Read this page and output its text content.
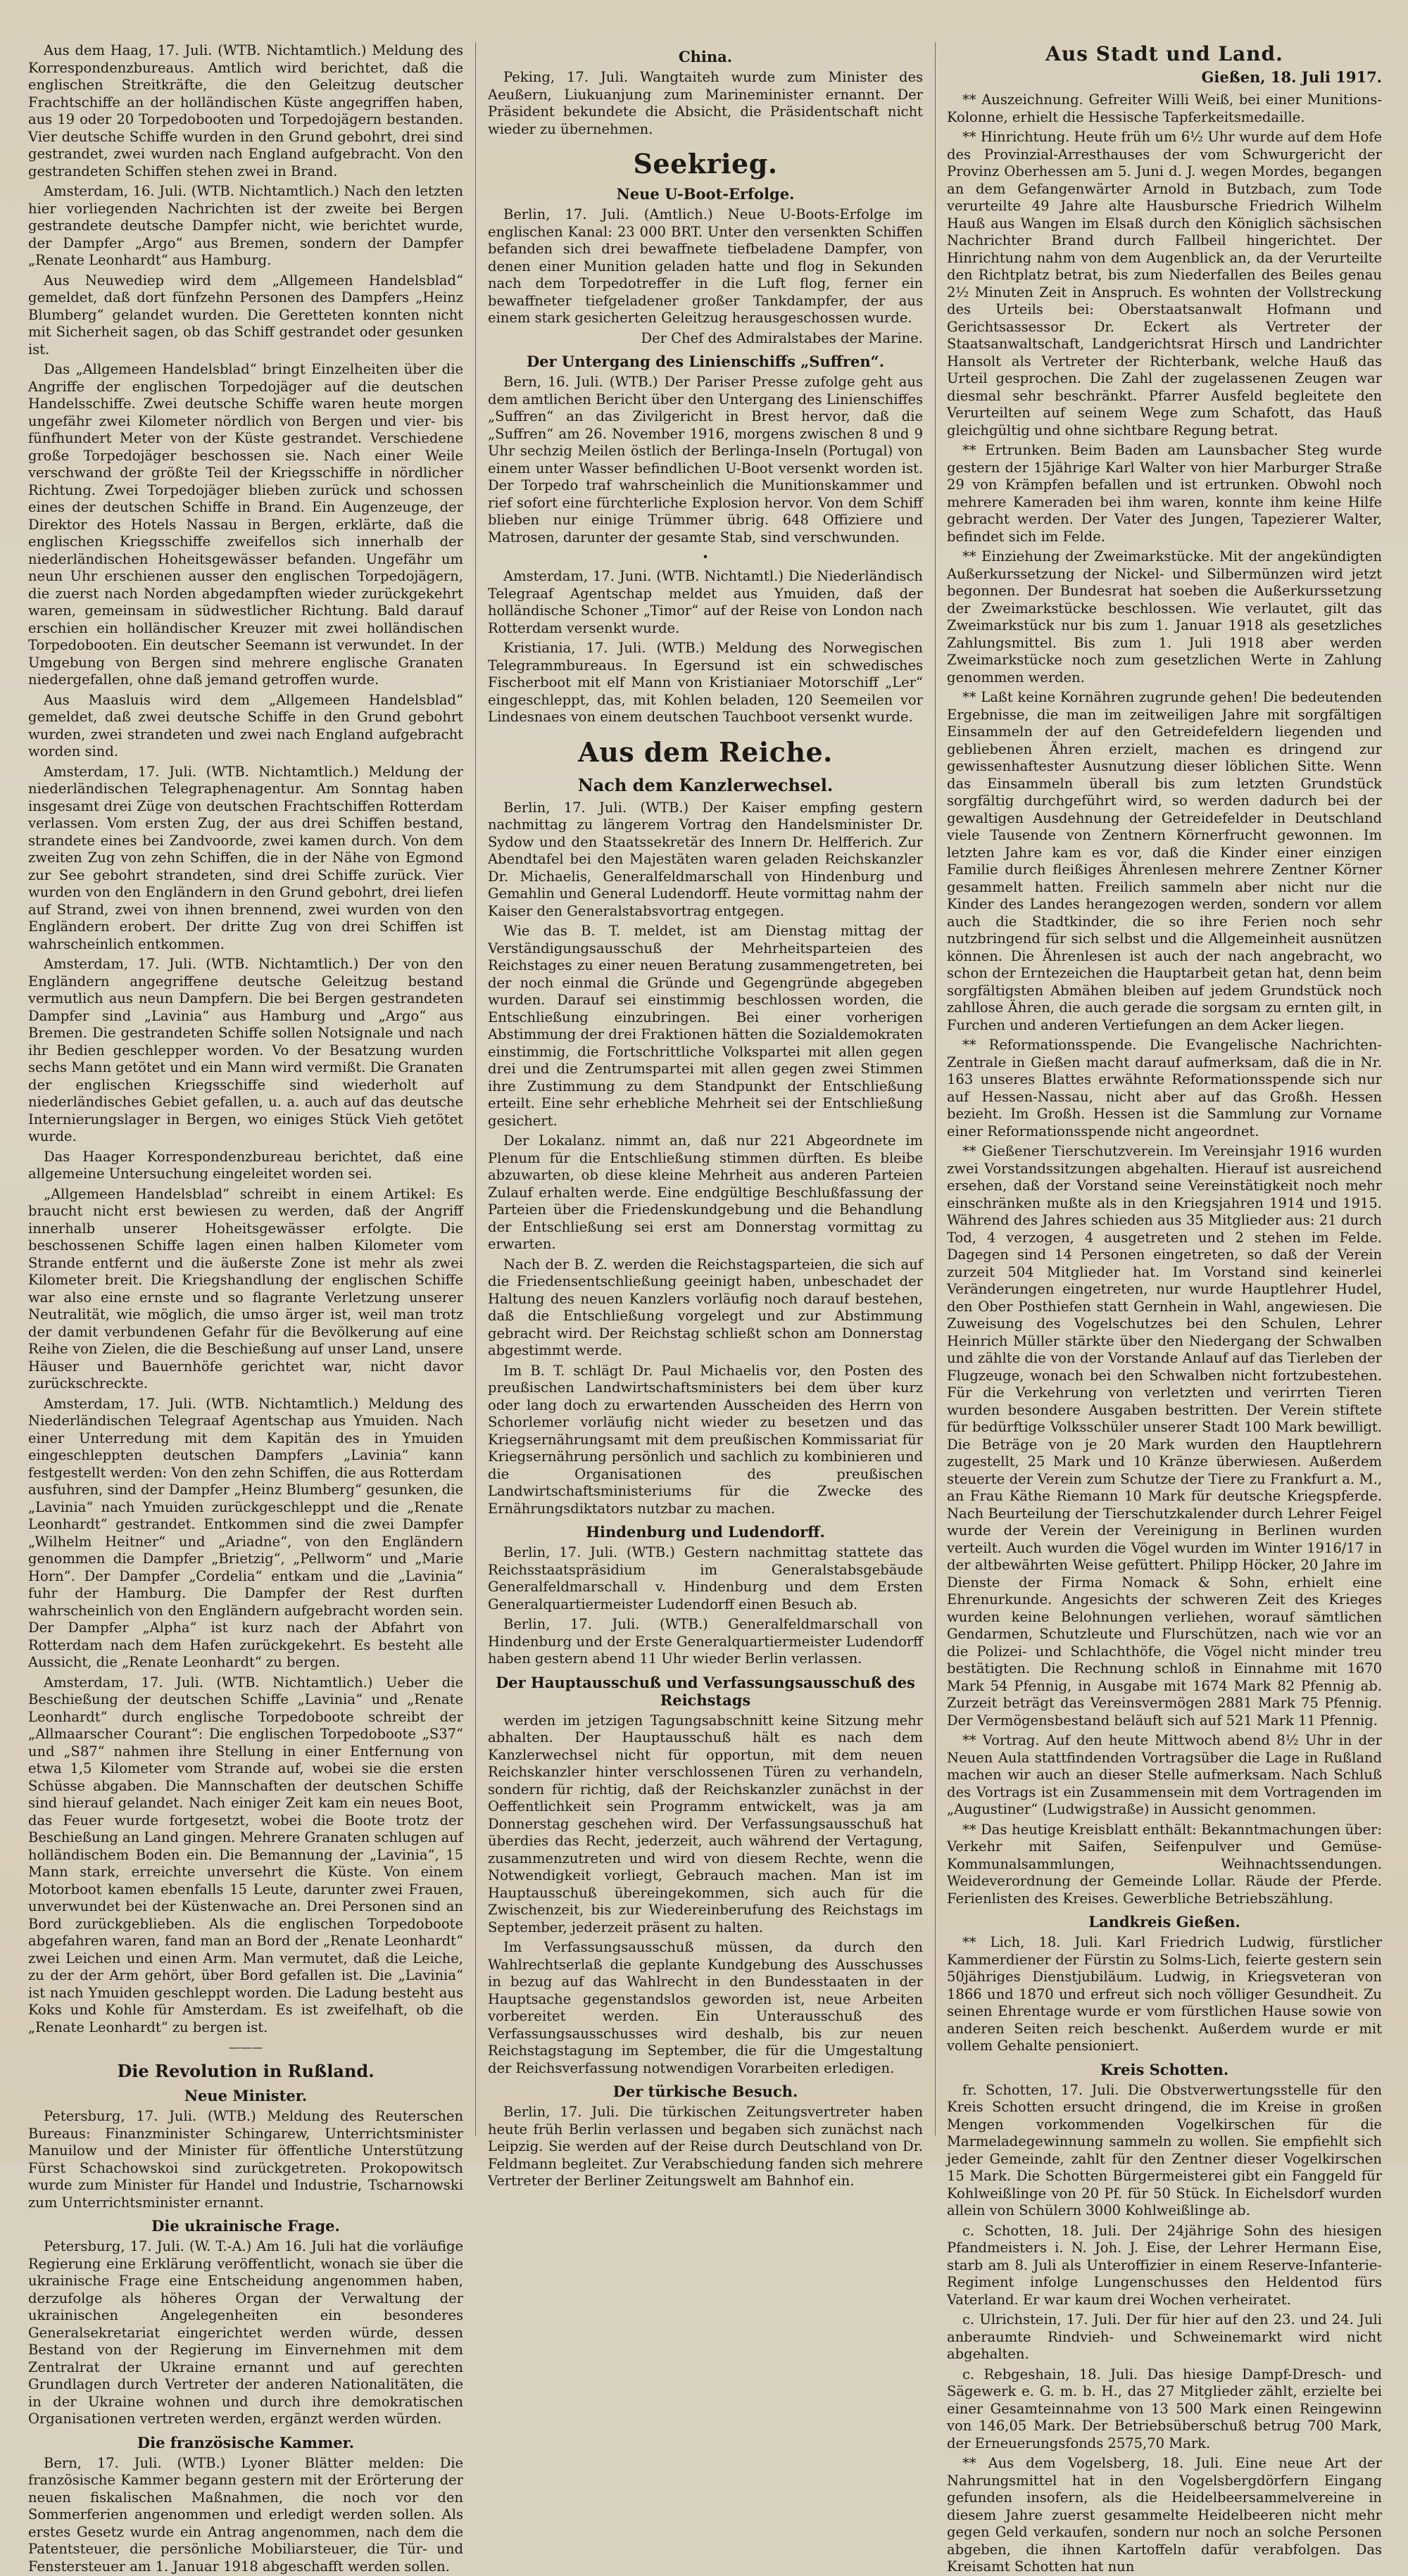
Aus dem Haag, 17. Juli. (WTB. Nichtamtlich.) Meldung des Korrespondenzbureaus. Amtlich wird berichtet, daß die englischen Streitkräfte, die den Geleitzug deutscher Frachtschiffe an der holländischen Küste angegriffen haben, aus 19 oder 20 Torpedobooten und Torpedojägern bestanden. Vier deutsche Schiffe wurden in den Grund gebohrt, drei sind gestrandet, zwei wurden nach England aufgebracht. Von den gestrandeten Schiffen stehen zwei in Brand.

Amsterdam, 16. Juli. (WTB. Nichtamtlich.) Nach den letzten hier vorliegenden Nachrichten ist der zweite bei Bergen gestrandete deutsche Dampfer nicht, wie berichtet wurde, der Dampfer „Argo“ aus Bremen, sondern der Dampfer „Renate Leonhardt“ aus Hamburg.

Aus Neuwediep wird dem „Allgemeen Handelsblad“ gemeldet, daß dort fünfzehn Personen des Dampfers „Heinz Blumberg“ gelandet wurden. Die Geretteten konnten nicht mit Sicherheit sagen, ob das Schiff gestrandet oder gesunken ist.

Das „Allgemeen Handelsblad“ bringt Einzelheiten über die Angriffe der englischen Torpedojäger auf die deutschen Handelsschiffe. Zwei deutsche Schiffe waren heute morgen ungefähr zwei Kilometer nördlich von Bergen und vier- bis fünfhundert Meter von der Küste gestrandet. Verschiedene große Torpedojäger beschossen sie. Nach einer Weile verschwand der größte Teil der Kriegsschiffe in nördlicher Richtung. Zwei Torpedojäger blieben zurück und schossen eines der deutschen Schiffe in Brand. Ein Augenzeuge, der Direktor des Hotels Nassau in Bergen, erklärte, daß die englischen Kriegsschiffe zweifellos sich innerhalb der niederländischen Hoheitsgewässer befanden. Ungefähr um neun Uhr erschienen ausser den englischen Torpedojägern, die zuerst nach Norden abgedampften wieder zurückgekehrt waren, gemeinsam in südwestlicher Richtung. Bald darauf erschien ein holländischer Kreuzer mit zwei holländischen Torpedobooten. Ein deutscher Seemann ist verwundet. In der Umgebung von Bergen sind mehrere englische Granaten niedergefallen, ohne daß jemand getroffen wurde.

Aus Maasluis wird dem „Allgemeen Handelsblad“ gemeldet, daß zwei deutsche Schiffe in den Grund gebohrt wurden, zwei strandeten und zwei nach England aufgebracht worden sind.

Amsterdam, 17. Juli. (WTB. Nichtamtlich.) Meldung der niederländischen Telegraphenagentur. Am Sonntag haben insgesamt drei Züge von deutschen Frachtschiffen Rotterdam verlassen. Vom ersten Zug, der aus drei Schiffen bestand, strandete eines bei Zandvoorde, zwei kamen durch. Von dem zweiten Zug von zehn Schiffen, die in der Nähe von Egmond zur See gebohrt strandeten, sind drei Schiffe zurück. Vier wurden von den Engländern in den Grund gebohrt, drei liefen auf Strand, zwei von ihnen brennend, zwei wurden von den Engländern erobert. Der dritte Zug von drei Schiffen ist wahrscheinlich entkommen.

Amsterdam, 17. Juli. (WTB. Nichtamtlich.) Der von den Engländern angegriffene deutsche Geleitzug bestand vermutlich aus neun Dampfern. Die bei Bergen gestrandeten Dampfer sind „Lavinia“ aus Hamburg und „Argo“ aus Bremen. Die gestrandeten Schiffe sollen Notsignale und nach ihr Bedien geschlepper worden. Vo der Besatzung wurden sechs Mann getötet und ein Mann wird vermißt. Die Granaten der englischen Kriegsschiffe sind wiederholt auf niederländisches Gebiet gefallen, u. a. auch auf das deutsche Internierungslager in Bergen, wo einiges Stück Vieh getötet wurde.

Das Haager Korrespondenzbureau berichtet, daß eine allgemeine Untersuchung eingeleitet worden sei.

„Allgemeen Handelsblad“ schreibt in einem Artikel: Es braucht nicht erst bewiesen zu werden, daß der Angriff innerhalb unserer Hoheitsgewässer erfolgte. Die beschossenen Schiffe lagen einen halben Kilometer vom Strande entfernt und die äußerste Zone ist mehr als zwei Kilometer breit. Die Kriegshandlung der englischen Schiffe war also eine ernste und so flagrante Verletzung unserer Neutralität, wie möglich, die umso ärger ist, weil man trotz der damit verbundenen Gefahr für die Bevölkerung auf eine Reihe von Zielen, die die Beschießung auf unser Land, unsere Häuser und Bauernhöfe gerichtet war, nicht davor zurückschreckte.

Amsterdam, 17. Juli. (WTB. Nichtamtlich.) Meldung des Niederländischen Telegraaf Agentschap aus Ymuiden. Nach einer Unterredung mit dem Kapitän des in Ymuiden eingeschleppten deutschen Dampfers „Lavinia“ kann festgestellt werden: Von den zehn Schiffen, die aus Rotterdam ausfuhren, sind der Dampfer „Heinz Blumberg“ gesunken, die „Lavinia“ nach Ymuiden zurückgeschleppt und die „Renate Leonhardt“ gestrandet. Entkommen sind die zwei Dampfer „Wilhelm Heitner“ und „Ariadne“, von den Engländern genommen die Dampfer „Brietzig“, „Pellworm“ und „Marie Horn“. Der Dampfer „Cordelia“ entkam und die „Lavinia“ fuhr der Hamburg. Die Dampfer der Rest durften wahrscheinlich von den Engländern aufgebracht worden sein. Der Dampfer „Alpha“ ist kurz nach der Abfahrt von Rotterdam nach dem Hafen zurückgekehrt. Es besteht alle Aussicht, die „Renate Leonhardt“ zu bergen.

Amsterdam, 17. Juli. (WTB. Nichtamtlich.) Ueber die Beschießung der deutschen Schiffe „Lavinia“ und „Renate Leonhardt“ durch englische Torpedoboote schreibt der „Allmaarscher Courant“: Die englischen Torpedoboote „S37“ und „S87“ nahmen ihre Stellung in einer Entfernung von etwa 1,5 Kilometer vom Strande auf, wobei sie die ersten Schüsse abgaben. Die Mannschaften der deutschen Schiffe sind hierauf gelandet. Nach einiger Zeit kam ein neues Boot, das Feuer wurde fortgesetzt, wobei die Boote trotz der Beschießung an Land gingen. Mehrere Granaten schlugen auf holländischem Boden ein. Die Bemannung der „Lavinia“, 15 Mann stark, erreichte unversehrt die Küste. Von einem Motorboot kamen ebenfalls 15 Leute, darunter zwei Frauen, unverwundet bei der Küstenwache an. Drei Personen sind an Bord zurückgeblieben. Als die englischen Torpedoboote abgefahren waren, fand man an Bord der „Renate Leonhardt“ zwei Leichen und einen Arm. Man vermutet, daß die Leiche, zu der der Arm gehört, über Bord gefallen ist. Die „Lavinia“ ist nach Ymuiden geschleppt worden. Die Ladung besteht aus Koks und Kohle für Amsterdam. Es ist zweifelhaft, ob die „Renate Leonhardt“ zu bergen ist.

———
Die Revolution in Rußland.
Neue Minister.

Petersburg, 17. Juli. (WTB.) Meldung des Reuterschen Bureaus: Finanzminister Schingarew, Unterrichtsminister Manuilow und der Minister für öffentliche Unterstützung Fürst Schachowskoi sind zurückgetreten. Prokopowitsch wurde zum Minister für Handel und Industrie, Tscharnowski zum Unterrichtsminister ernannt.

Die ukrainische Frage.

Petersburg, 17. Juli. (W. T.-A.) Am 16. Juli hat die vorläufige Regierung eine Erklärung veröffentlicht, wonach sie über die ukrainische Frage eine Entscheidung angenommen haben, derzufolge als höheres Organ der Verwaltung der ukrainischen Angelegenheiten ein besonderes Generalsekretariat eingerichtet werden würde, dessen Bestand von der Regierung im Einvernehmen mit dem Zentralrat der Ukraine ernannt und auf gerechten Grundlagen durch Vertreter der anderen Nationalitäten, die in der Ukraine wohnen und durch ihre demokratischen Organisationen vertreten werden, ergänzt werden würden.

Die französische Kammer.

Bern, 17. Juli. (WTB.) Lyoner Blätter melden: Die französische Kammer begann gestern mit der Erörterung der neuen fiskalischen Maßnahmen, die noch vor den Sommerferien angenommen und erledigt werden sollen. Als erstes Gesetz wurde ein Antrag angenommen, nach dem die Patentsteuer, die persönliche Mobiliarsteuer, die Tür- und Fenstersteuer am 1. Januar 1918 abgeschafft werden sollen.

China.

Peking, 17. Juli. Wangtaiteh wurde zum Minister des Aeußern, Liukuanjung zum Marineminister ernannt. Der Präsident bekundete die Absicht, die Präsidentschaft nicht wieder zu übernehmen.

Seekrieg.
Neue U-Boot-Erfolge.

Berlin, 17. Juli. (Amtlich.) Neue U-Boots-Erfolge im englischen Kanal: 23 000 BRT. Unter den versenkten Schiffen befanden sich drei bewaffnete tiefbeladene Dampfer, von denen einer Munition geladen hatte und flog in Sekunden nach dem Torpedotreffer in die Luft flog, ferner ein bewaffneter tiefgeladener großer Tankdampfer, der aus einem stark gesicherten Geleitzug herausgeschossen wurde.

Der Chef des Admiralstabes der Marine.

Der Untergang des Linienschiffs „Suffren“.

Bern, 16. Juli. (WTB.) Der Pariser Presse zufolge geht aus dem amtlichen Bericht über den Untergang des Linienschiffes „Suffren“ an das Zivilgericht in Brest hervor, daß die „Suffren“ am 26. November 1916, morgens zwischen 8 und 9 Uhr sechzig Meilen östlich der Berlinga-Inseln (Portugal) von einem unter Wasser befindlichen U-Boot versenkt worden ist. Der Torpedo traf wahrscheinlich die Munitionskammer und rief sofort eine fürchterliche Explosion hervor. Von dem Schiff blieben nur einige Trümmer übrig. 648 Offiziere und Matrosen, darunter der gesamte Stab, sind verschwunden.

•

Amsterdam, 17. Juni. (WTB. Nichtamtl.) Die Niederländisch Telegraaf Agentschap meldet aus Ymuiden, daß der holländische Schoner „Timor“ auf der Reise von London nach Rotterdam versenkt wurde.

Kristiania, 17. Juli. (WTB.) Meldung des Norwegischen Telegrammbureaus. In Egersund ist ein schwedisches Fischerboot mit elf Mann von Kristianiaer Motorschiff „Ler“ eingeschleppt, das, mit Kohlen beladen, 120 Seemeilen vor Lindesnaes von einem deutschen Tauchboot versenkt wurde.

Aus dem Reiche.
Nach dem Kanzlerwechsel.

Berlin, 17. Juli. (WTB.) Der Kaiser empfing gestern nachmittag zu längerem Vortrag den Handelsminister Dr. Sydow und den Staatssekretär des Innern Dr. Helfferich. Zur Abendtafel bei den Majestäten waren geladen Reichskanzler Dr. Michaelis, Generalfeldmarschall von Hindenburg und Gemahlin und General Ludendorff. Heute vormittag nahm der Kaiser den Generalstabsvortrag entgegen.

Wie das B. T. meldet, ist am Dienstag mittag der Verständigungsausschuß der Mehrheitsparteien des Reichstages zu einer neuen Beratung zusammengetreten, bei der noch einmal die Gründe und Gegengründe abgegeben wurden. Darauf sei einstimmig beschlossen worden, die Entschließung einzubringen. Bei einer vorherigen Abstimmung der drei Fraktionen hätten die Sozialdemokraten einstimmig, die Fortschrittliche Volkspartei mit allen gegen drei und die Zentrumspartei mit allen gegen zwei Stimmen ihre Zustimmung zu dem Standpunkt der Entschließung erteilt. Eine sehr erhebliche Mehrheit sei der Entschließung gesichert.

Der Lokalanz. nimmt an, daß nur 221 Abgeordnete im Plenum für die Entschließung stimmen dürften. Es bleibe abzuwarten, ob diese kleine Mehrheit aus anderen Parteien Zulauf erhalten werde. Eine endgültige Beschlußfassung der Parteien über die Friedenskundgebung und die Behandlung der Entschließung sei erst am Donnerstag vormittag zu erwarten.

Nach der B. Z. werden die Reichstagsparteien, die sich auf die Friedensentschließung geeinigt haben, unbeschadet der Haltung des neuen Kanzlers vorläufig noch darauf bestehen, daß die Entschließung vorgelegt und zur Abstimmung gebracht wird. Der Reichstag schließt schon am Donnerstag abgestimmt werde.

Im B. T. schlägt Dr. Paul Michaelis vor, den Posten des preußischen Landwirtschaftsministers bei dem über kurz oder lang doch zu erwartenden Ausscheiden des Herrn von Schorlemer vorläufig nicht wieder zu besetzen und das Kriegsernährungsamt mit dem preußischen Kommissariat für Kriegsernährung persönlich und sachlich zu kombinieren und die Organisationen des preußischen Landwirtschaftsministeriums für die Zwecke des Ernährungsdiktators nutzbar zu machen.

Hindenburg und Ludendorff.

Berlin, 17. Juli. (WTB.) Gestern nachmittag stattete das Reichsstaatspräsidium im Generalstabsgebäude Generalfeldmarschall v. Hindenburg und dem Ersten Generalquartiermeister Ludendorff einen Besuch ab.

Berlin, 17. Juli. (WTB.) Generalfeldmarschall von Hindenburg und der Erste Generalquartiermeister Ludendorff haben gestern abend 11 Uhr wieder Berlin verlassen.

Der Hauptausschuß und Verfassungsausschuß des Reichstags

werden im jetzigen Tagungsabschnitt keine Sitzung mehr abhalten. Der Hauptausschuß hält es nach dem Kanzlerwechsel nicht für opportun, mit dem neuen Reichskanzler hinter verschlossenen Türen zu verhandeln, sondern für richtig, daß der Reichskanzler zunächst in der Oeffentlichkeit sein Programm entwickelt, was ja am Donnerstag geschehen wird. Der Verfassungsausschuß hat überdies das Recht, jederzeit, auch während der Vertagung, zusammenzutreten und wird von diesem Rechte, wenn die Notwendigkeit vorliegt, Gebrauch machen. Man ist im Hauptausschuß übereingekommen, sich auch für die Zwischenzeit, bis zur Wiedereinberufung des Reichstags im September, jederzeit präsent zu halten.

Im Verfassungsausschuß müssen, da durch den Wahlrechtserlaß die geplante Kundgebung des Ausschusses in bezug auf das Wahlrecht in den Bundesstaaten in der Hauptsache gegenstandslos geworden ist, neue Arbeiten vorbereitet werden. Ein Unterausschuß des Verfassungsausschusses wird deshalb, bis zur neuen Reichstagstagung im September, die für die Umgestaltung der Reichsverfassung notwendigen Vorarbeiten erledigen.

Der türkische Besuch.

Berlin, 17. Juli. Die türkischen Zeitungsvertreter haben heute früh Berlin verlassen und begaben sich zunächst nach Leipzig. Sie werden auf der Reise durch Deutschland von Dr. Feldmann begleitet. Zur Verabschiedung fanden sich mehrere Vertreter der Berliner Zeitungswelt am Bahnhof ein.

Aus Stadt und Land.
Gießen, 18. Juli 1917.

** Auszeichnung. Gefreiter Willi Weiß, bei einer Munitions-Kolonne, erhielt die Hessische Tapferkeitsmedaille.

** Hinrichtung. Heute früh um 6½ Uhr wurde auf dem Hofe des Provinzial-Arresthauses der vom Schwurgericht der Provinz Oberhessen am 5. Juni d. J. wegen Mordes, begangen an dem Gefangenwärter Arnold in Butzbach, zum Tode verurteilte 49 Jahre alte Hausbursche Friedrich Wilhelm Hauß aus Wangen im Elsaß durch den Königlich sächsischen Nachrichter Brand durch Fallbeil hingerichtet. Der Hinrichtung nahm von dem Augenblick an, da der Verurteilte den Richtplatz betrat, bis zum Niederfallen des Beiles genau 2½ Minuten Zeit in Anspruch. Es wohnten der Vollstreckung des Urteils bei: Oberstaatsanwalt Hofmann und Gerichtsassessor Dr. Eckert als Vertreter der Staatsanwaltschaft, Landgerichtsrat Hirsch und Landrichter Hansolt als Vertreter der Richterbank, welche Hauß das Urteil gesprochen. Die Zahl der zugelassenen Zeugen war diesmal sehr beschränkt. Pfarrer Ausfeld begleitete den Verurteilten auf seinem Wege zum Schafott, das Hauß gleichgültig und ohne sichtbare Regung betrat.

** Ertrunken. Beim Baden am Launsbacher Steg wurde gestern der 15jährige Karl Walter von hier Marburger Straße 29 von Krämpfen befallen und ist ertrunken. Obwohl noch mehrere Kameraden bei ihm waren, konnte ihm keine Hilfe gebracht werden. Der Vater des Jungen, Tapezierer Walter, befindet sich im Felde.

** Einziehung der Zweimarkstücke. Mit der angekündigten Außerkurssetzung der Nickel- und Silbermünzen wird jetzt begonnen. Der Bundesrat hat soeben die Außerkurssetzung der Zweimarkstücke beschlossen. Wie verlautet, gilt das Zweimarkstück nur bis zum 1. Januar 1918 als gesetzliches Zahlungsmittel. Bis zum 1. Juli 1918 aber werden Zweimarkstücke noch zum gesetzlichen Werte in Zahlung genommen werden.

** Laßt keine Kornähren zugrunde gehen! Die bedeutenden Ergebnisse, die man im zeitweiligen Jahre mit sorgfältigen Einsammeln der auf den Getreidefeldern liegenden und gebliebenen Ähren erzielt, machen es dringend zur gewissenhaftester Ausnutzung dieser löblichen Sitte. Wenn das Einsammeln überall bis zum letzten Grundstück sorgfältig durchgeführt wird, so werden dadurch bei der gewaltigen Ausdehnung der Getreidefelder in Deutschland viele Tausende von Zentnern Körnerfrucht gewonnen. Im letzten Jahre kam es vor, daß die Kinder einer einzigen Familie durch fleißiges Ährenlesen mehrere Zentner Körner gesammelt hatten. Freilich sammeln aber nicht nur die Kinder des Landes herangezogen werden, sondern vor allem auch die Stadtkinder, die so ihre Ferien noch sehr nutzbringend für sich selbst und die Allgemeinheit ausnützen können. Die Ährenlesen ist auch der nach angebracht, wo schon der Erntezeichen die Hauptarbeit getan hat, denn beim sorgfältigsten Abmähen bleiben auf jedem Grundstück noch zahllose Ähren, die auch gerade die sorgsam zu ernten gilt, in Furchen und anderen Vertiefungen an dem Acker liegen.

** Reformationsspende. Die Evangelische Nachrichten-Zentrale in Gießen macht darauf aufmerksam, daß die in Nr. 163 unseres Blattes erwähnte Reformationsspende sich nur auf Hessen-Nassau, nicht aber auf das Großh. Hessen bezieht. Im Großh. Hessen ist die Sammlung zur Vorname einer Reformationsspende nicht angeordnet.

** Gießener Tierschutzverein. Im Vereinsjahr 1916 wurden zwei Vorstandssitzungen abgehalten. Hierauf ist ausreichend ersehen, daß der Vorstand seine Vereinstätigkeit noch mehr einschränken mußte als in den Kriegsjahren 1914 und 1915. Während des Jahres schieden aus 35 Mitglieder aus: 21 durch Tod, 4 verzogen, 4 ausgetreten und 2 stehen im Felde. Dagegen sind 14 Personen eingetreten, so daß der Verein zurzeit 504 Mitglieder hat. Im Vorstand sind keinerlei Veränderungen eingetreten, nur wurde Hauptlehrer Hudel, den Ober Posthiefen statt Gernhein in Wahl, angewiesen. Die Zuweisung des Vogelschutzes bei den Schulen, Lehrer Heinrich Müller stärkte über den Niedergang der Schwalben und zählte die von der Vorstande Anlauf auf das Tierleben der Flugzeuge, wonach bei den Schwalben nicht fortzubestehen. Für die Verkehrung von verletzten und verirrten Tieren wurden besondere Ausgaben bestritten. Der Verein stiftete für bedürftige Volksschüler unserer Stadt 100 Mark bewilligt. Die Beträge von je 20 Mark wurden den Hauptlehrern zugestellt, 25 Mark und 10 Kränze überwiesen. Außerdem steuerte der Verein zum Schutze der Tiere zu Frankfurt a. M., an Frau Käthe Riemann 10 Mark für deutsche Kriegspferde. Nach Beurteilung der Tierschutzkalender durch Lehrer Feigel wurde der Verein der Vereinigung in Berlinen wurden verteilt. Auch wurden die Vögel wurden im Winter 1916/17 in der altbewährten Weise gefüttert. Philipp Höcker, 20 Jahre im Dienste der Firma Nomack & Sohn, erhielt eine Ehrenurkunde. Angesichts der schweren Zeit des Krieges wurden keine Belohnungen verliehen, worauf sämtlichen Gendarmen, Schutzleute und Flurschützen, nach wie vor an die Polizei- und Schlachthöfe, die Vögel nicht minder treu bestätigten. Die Rechnung schloß in Einnahme mit 1670 Mark 54 Pfennig, in Ausgabe mit 1674 Mark 82 Pfennig ab. Zurzeit beträgt das Vereinsvermögen 2881 Mark 75 Pfennig. Der Vermögensbestand beläuft sich auf 521 Mark 11 Pfennig.

** Vortrag. Auf den heute Mittwoch abend 8½ Uhr in der Neuen Aula stattfindenden Vortragsüber die Lage in Rußland machen wir auch an dieser Stelle aufmerksam. Nach Schluß des Vortrags ist ein Zusammensein mit dem Vortragenden im „Augustiner“ (Ludwigstraße) in Aussicht genommen.

** Das heutige Kreisblatt enthält: Bekanntmachungen über: Verkehr mit Saifen, Seifenpulver und Gemüse- Kommunalsammlungen, Weihnachtssendungen. Weideverordnung der Gemeinde Lollar. Räude der Pferde. Ferienlisten des Kreises. Gewerbliche Betriebszählung.

Landkreis Gießen.

** Lich, 18. Juli. Karl Friedrich Ludwig, fürstlicher Kammerdiener der Fürstin zu Solms-Lich, feierte gestern sein 50jähriges Dienstjubiläum. Ludwig, in Kriegsveteran von 1866 und 1870 und erfreut sich noch völliger Gesundheit. Zu seinen Ehrentage wurde er vom fürstlichen Hause sowie von anderen Seiten reich beschenkt. Außerdem wurde er mit vollem Gehalte pensioniert.

Kreis Schotten.

fr. Schotten, 17. Juli. Die Obstverwertungsstelle für den Kreis Schotten ersucht dringend, die im Kreise in großen Mengen vorkommenden Vogelkirschen für die Marmeladegewinnung sammeln zu wollen. Sie empfiehlt sich jeder Gemeinde, zahlt für den Zentner dieser Vogelkirschen 15 Mark. Die Schotten Bürgermeisterei gibt ein Fanggeld für Kohlweißlinge von 20 Pf. für 50 Stück. In Eichelsdorf wurden allein von Schülern 3000 Kohlweißlinge ab.

c. Schotten, 18. Juli. Der 24jährige Sohn des hiesigen Pfandmeisters i. N. Joh. J. Eise, der Lehrer Hermann Eise, starb am 8. Juli als Unteroffizier in einem Reserve-Infanterie-Regiment infolge Lungenschusses den Heldentod fürs Vaterland. Er war kaum drei Wochen verheiratet.

c. Ulrichstein, 17. Juli. Der für hier auf den 23. und 24. Juli anberaumte Rindvieh- und Schweinemarkt wird nicht abgehalten.

c. Rebgeshain, 18. Juli. Das hiesige Dampf-Dresch- und Sägewerk e. G. m. b. H., das 27 Mitglieder zählt, erzielte bei einer Gesamteinnahme von 13 500 Mark einen Reingewinn von 146,05 Mark. Der Betriebsüberschuß betrug 700 Mark, der Erneuerungsfonds 2575,70 Mark.

** Aus dem Vogelsberg, 18. Juli. Eine neue Art der Nahrungsmittel hat in den Vogelsbergdörfern Eingang gefunden insofern, als die Heidelbeersammelvereine in diesem Jahre zuerst gesammelte Heidelbeeren nicht mehr gegen Geld verkaufen, sondern nur noch an solche Personen abgeben, die ihnen Kartoffeln dafür verabfolgen. Das Kreisamt Schotten hat nun
